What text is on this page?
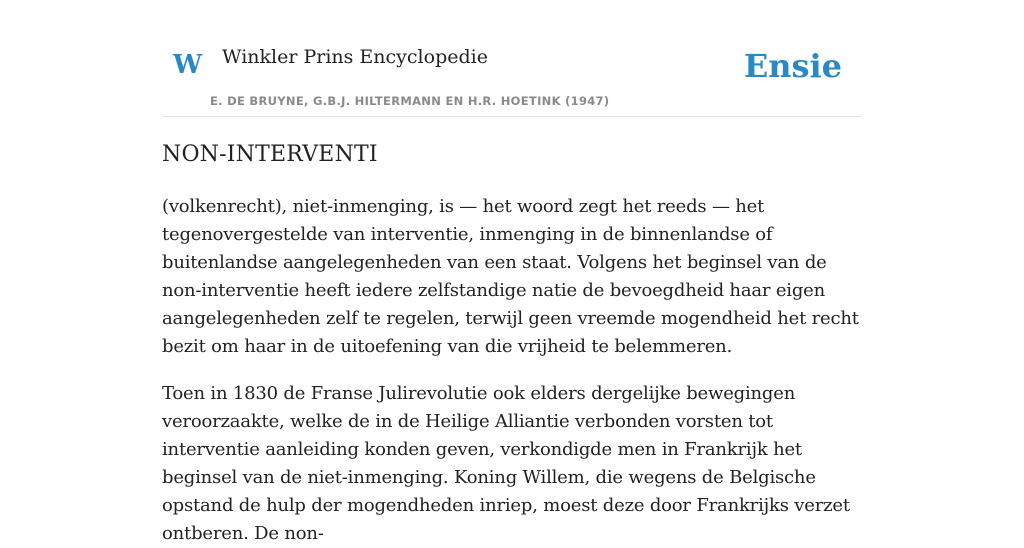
W Winkler Prins Encyclopedie
E. DE BRUYNE, G.B.J. HILTERMANN EN H.R. HOETINK (1947)
Ensie
NON-INTERVENTI

(volkenrecht), niet-inmenging, is — het woord zegt het reeds — het tegenovergestelde van interventie, inmenging in de binnenlandse of buitenlandse aangelegenheden van een staat. Volgens het beginsel van de non-interventie heeft iedere zelfstandige natie de bevoegdheid haar eigen aangelegenheden zelf te regelen, terwijl geen vreemde mogendheid het recht bezit om haar in de uitoefening van die vrijheid te belemmeren.

Toen in 1830 de Franse Julirevolutie ook elders dergelijke bewegingen veroorzaakte, welke de in de Heilige Alliantie verbonden vorsten tot interventie aanleiding konden geven, verkondigde men in Frankrijk het beginsel van de niet-inmenging. Koning Willem, die wegens de Belgische opstand de hulp der mogendheden inriep, moest deze door Frankrijks verzet ontberen. De non-
